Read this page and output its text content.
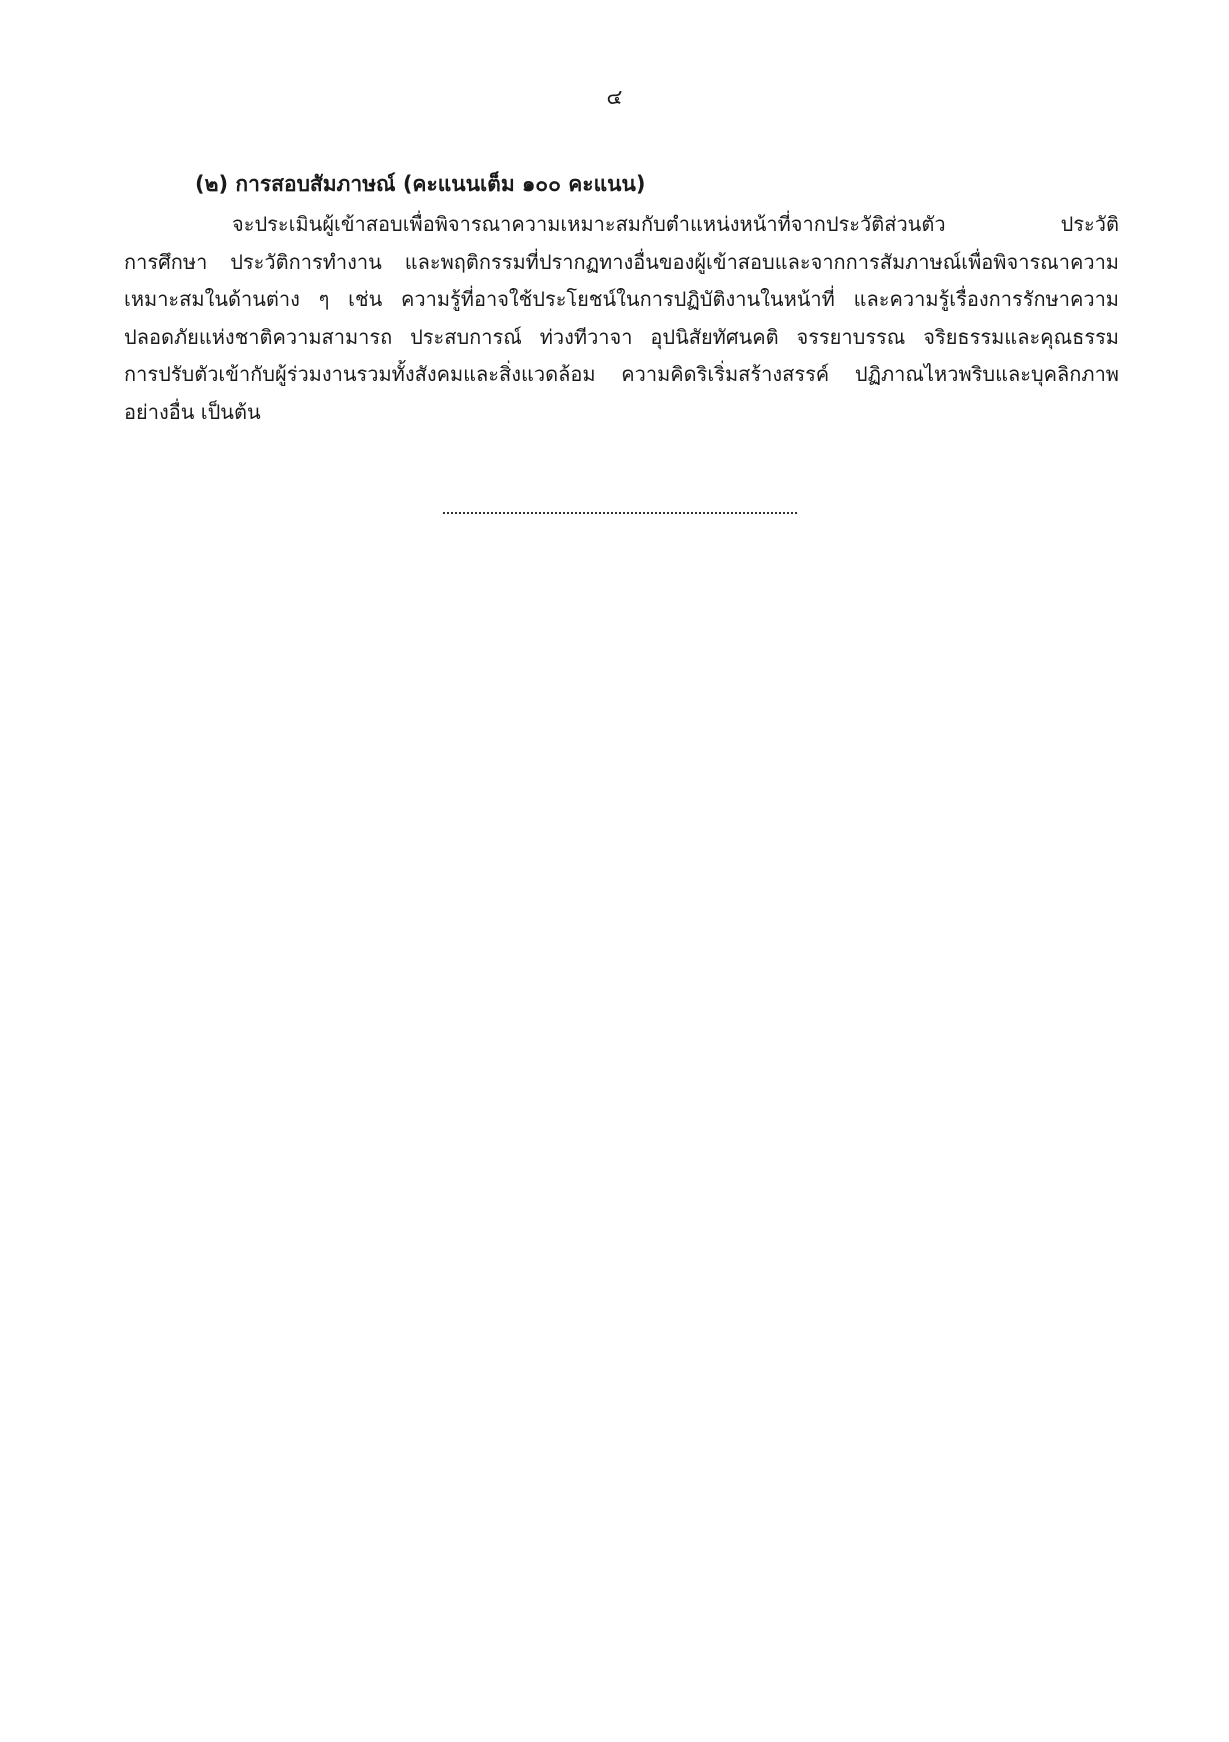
๔
(๒) การสอบสัมภาษณ์ (คะแนนเต็ม ๑๐๐ คะแนน)
จะประเมินผู้เข้าสอบเพื่อพิจารณาความเหมาะสมกับตำแหน่งหน้าที่จากประวัติส่วนตัว ประวัติ
การศึกษา ประวัติการทำงาน และพฤติกรรมที่ปรากฏทางอื่นของผู้เข้าสอบและจากการสัมภาษณ์เพื่อพิจารณาความ
เหมาะสมในด้านต่าง ๆ เช่น ความรู้ที่อาจใช้ประโยชน์ในการปฏิบัติงานในหน้าที่ และความรู้เรื่องการรักษาความ
ปลอดภัยแห่งชาติความสามารถ ประสบการณ์ ท่วงทีวาจา อุปนิสัยทัศนคติ จรรยาบรรณ จริยธรรมและคุณธรรม
การปรับตัวเข้ากับผู้ร่วมงานรวมทั้งสังคมและสิ่งแวดล้อม ความคิดริเริ่มสร้างสรรค์ ปฏิภาณไหวพริบและบุคลิกภาพ
อย่างอื่น เป็นต้น
